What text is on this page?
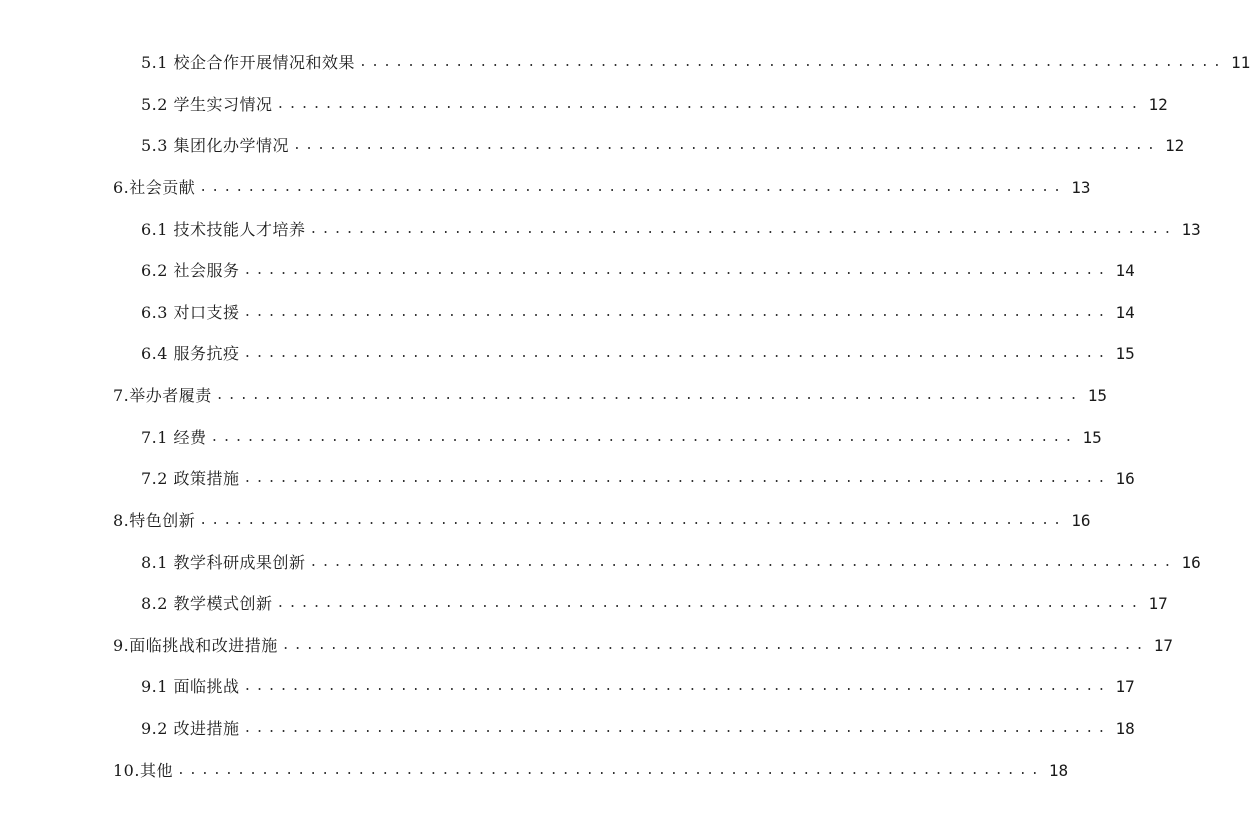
5.1 校企合作开展情况和效果 ........................................................................ 11
5.2 学生实习情况 ........................................................................ 12
5.3 集团化办学情况 ........................................................................ 12
6.社会贡献 ........................................................................ 13
6.1 技术技能人才培养 ........................................................................ 13
6.2 社会服务 ........................................................................ 14
6.3 对口支援 ........................................................................ 14
6.4 服务抗疫 ........................................................................ 15
7.举办者履责 ........................................................................ 15
7.1 经费 ........................................................................ 15
7.2 政策措施 ........................................................................ 16
8.特色创新 ........................................................................ 16
8.1 教学科研成果创新 ........................................................................ 16
8.2 教学模式创新 ........................................................................ 17
9.面临挑战和改进措施 ........................................................................ 17
9.1 面临挑战 ........................................................................ 17
9.2 改进措施 ........................................................................ 18
10.其他 ........................................................................ 18
